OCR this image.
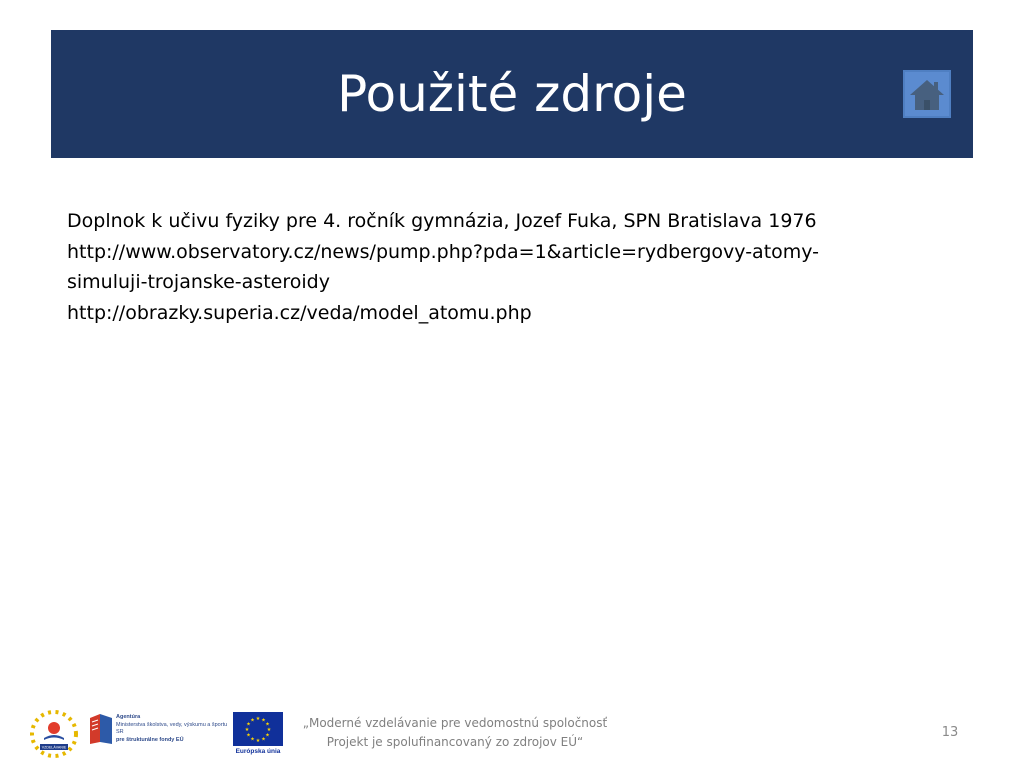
Použité zdroje
Doplnok k učivu fyziky pre 4. ročník gymnázia, Jozef Fuka, SPN Bratislava 1976
http://www.observatory.cz/news/pump.php?pda=1&article=rydbergovy-atomy-
simuluji-trojanske-asteroidy
http://obrazky.superia.cz/veda/model_atomu.php
VZDELÁVANIE
Agentúra
Ministerstva školstva, vedy, výskumu a športu SR
pre štrukturálne fondy EÚ
★ ★
★
★
★
★
★
★
★
★
★
★
Európska únia
„Moderné vzdelávanie pre vedomostnú spoločnosť
Projekt je spolufinancovaný zo zdrojov EÚ“
13
